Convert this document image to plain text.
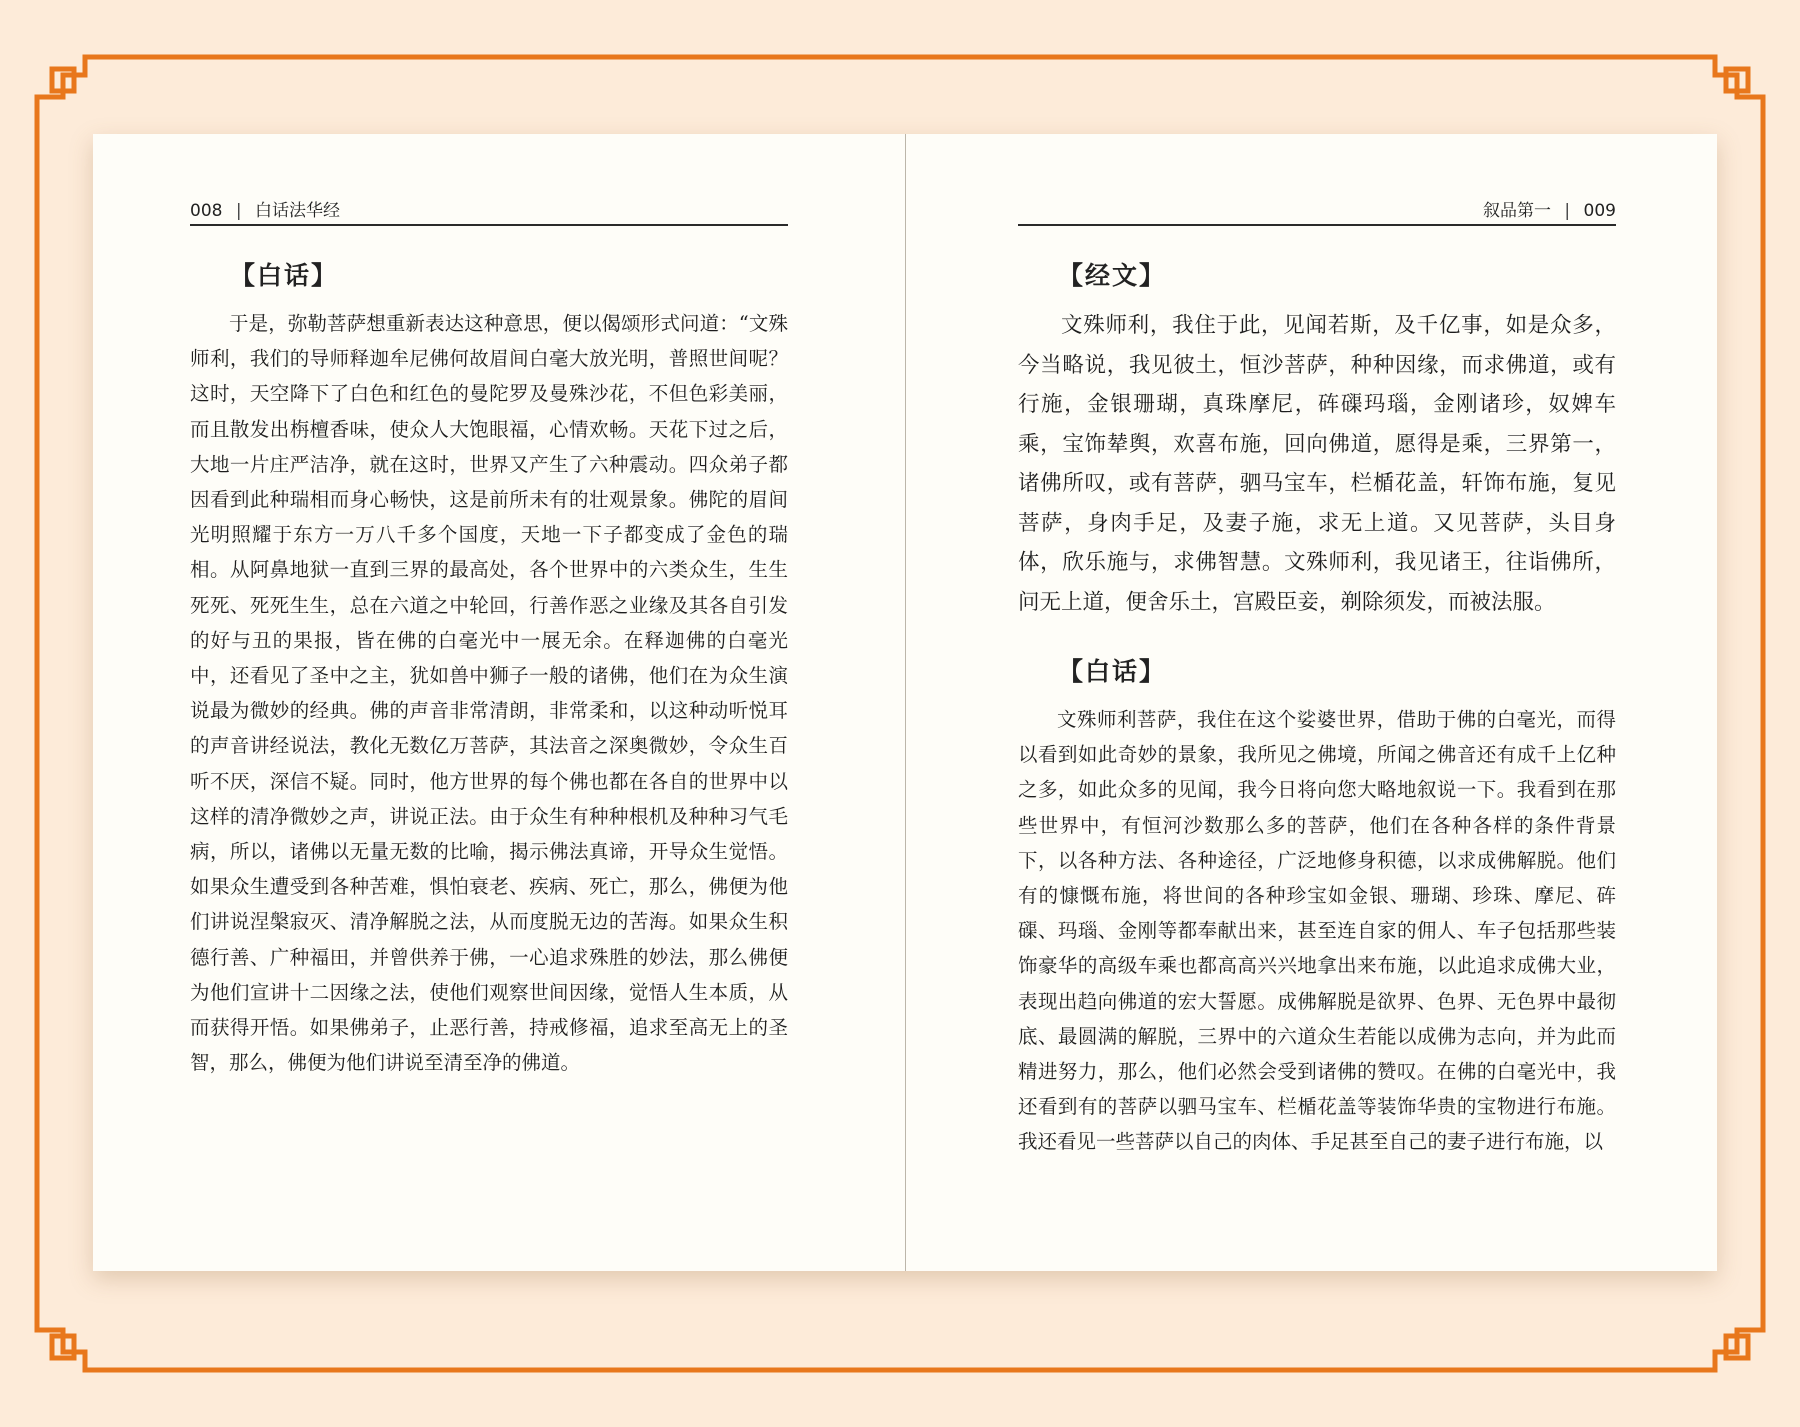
008 | 白话法华经
【白话】

于是，弥勒菩萨想重新表达这种意思，便以偈颂形式问道：“文殊师利，我们的导师释迦牟尼佛何故眉间白毫大放光明，普照世间呢？ 这时，天空降下了白色和红色的曼陀罗及曼殊沙花，不但色彩美丽，而且散发出栴檀香味，使众人大饱眼福，心情欢畅。天花下过之后，大地一片庄严洁净，就在这时，世界又产生了六种震动。四众弟子都因看到此种瑞相而身心畅快，这是前所未有的壮观景象。佛陀的眉间光明照耀于东方一万八千多个国度，天地一下子都变成了金色的瑞相。从阿鼻地狱一直到三界的最高处，各个世界中的六类众生，生生死死、死死生生，总在六道之中轮回，行善作恶之业缘及其各自引发的好与丑的果报，皆在佛的白毫光中一展无余。在释迦佛的白毫光中，还看见了圣中之主，犹如兽中狮子一般的诸佛，他们在为众生演说最为微妙的经典。佛的声音非常清朗，非常柔和，以这种动听悦耳的声音讲经说法，教化无数亿万菩萨，其法音之深奥微妙，令众生百听不厌，深信不疑。同时，他方世界的每个佛也都在各自的世界中以这样的清净微妙之声，讲说正法。由于众生有种种根机及种种习气毛病，所以，诸佛以无量无数的比喻，揭示佛法真谛，开导众生觉悟。如果众生遭受到各种苦难，惧怕衰老、疾病、死亡，那么，佛便为他们讲说涅槃寂灭、清净解脱之法，从而度脱无边的苦海。如果众生积德行善、广种福田，并曾供养于佛，一心追求殊胜的妙法，那么佛便为他们宣讲十二因缘之法，使他们观察世间因缘，觉悟人生本质，从而获得开悟。如果佛弟子，止恶行善，持戒修福，追求至高无上的圣智，那么，佛便为他们讲说至清至净的佛道。

叙品第一 | 009
【经文】

文殊师利，我住于此，见闻若斯，及千亿事，如是众多，今当略说，我见彼土，恒沙菩萨，种种因缘，而求佛道，或有行施，金银珊瑚，真珠摩尼，砗磲玛瑙，金刚诸珍，奴婢车乘，宝饰辇舆，欢喜布施，回向佛道，愿得是乘，三界第一，诸佛所叹，或有菩萨，驷马宝车，栏楯花盖，轩饰布施，复见菩萨，身肉手足，及妻子施，求无上道。又见菩萨，头目身体，欣乐施与，求佛智慧。文殊师利，我见诸王，往诣佛所，问无上道，便舍乐土，宫殿臣妾，剃除须发，而被法服。

【白话】

文殊师利菩萨，我住在这个娑婆世界，借助于佛的白毫光，而得以看到如此奇妙的景象，我所见之佛境，所闻之佛音还有成千上亿种之多，如此众多的见闻，我今日将向您大略地叙说一下。我看到在那些世界中，有恒河沙数那么多的菩萨，他们在各种各样的条件背景下，以各种方法、各种途径，广泛地修身积德，以求成佛解脱。他们有的慷慨布施，将世间的各种珍宝如金银、珊瑚、珍珠、摩尼、砗磲、玛瑙、金刚等都奉献出来，甚至连自家的佣人、车子包括那些装饰豪华的高级车乘也都高高兴兴地拿出来布施，以此追求成佛大业，表现出趋向佛道的宏大誓愿。成佛解脱是欲界、色界、无色界中最彻底、最圆满的解脱，三界中的六道众生若能以成佛为志向，并为此而精进努力，那么，他们必然会受到诸佛的赞叹。在佛的白毫光中，我还看到有的菩萨以驷马宝车、栏楯花盖等装饰华贵的宝物进行布施。我还看见一些菩萨以自己的肉体、手足甚至自己的妻子进行布施，以
